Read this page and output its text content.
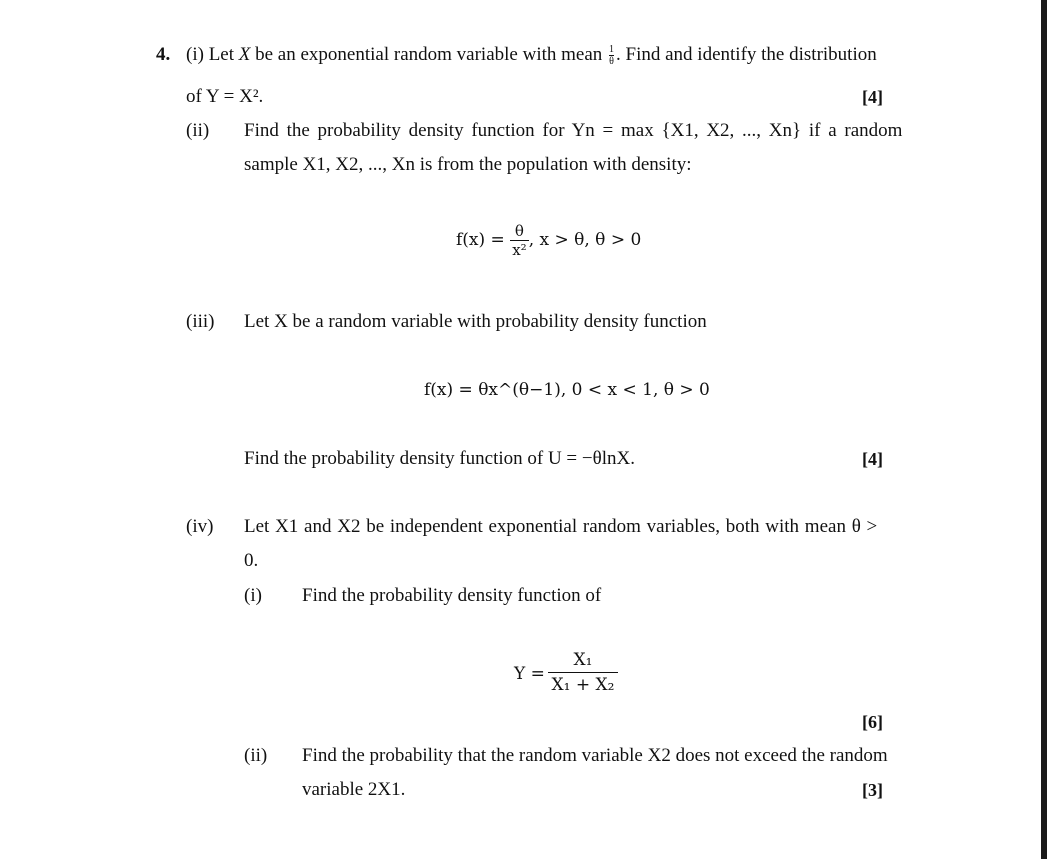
4. (i) Let X be an exponential random variable with mean $\frac{1}{\theta}$ . Find and identify the distribution
of Y = X².	[4]
(ii) Find the probability density function for Yn = max {X1, X2, ..., Xn} if a random
sample X1, X2, ..., Xn is from the population with density:
$f(x) = \frac{\theta}{\text{x²}}$ , x > θ, θ > 0
(iii) Let X be a random variable with probability density function
f(x) = θx^(θ−1), 0 < x < 1, θ > 0
Find the probability density function of U = −θlnX.	[4]
(iv) Let X1 and X2 be independent exponential random variables, both with mean θ >
0.
(i) Find the probability density function of
$Y = \frac{\text{X₁}}{\text{X₁ + X₂}}$
[6]
(ii) Find the probability that the random variable X2 does not exceed the random
variable 2X1.	[3]
